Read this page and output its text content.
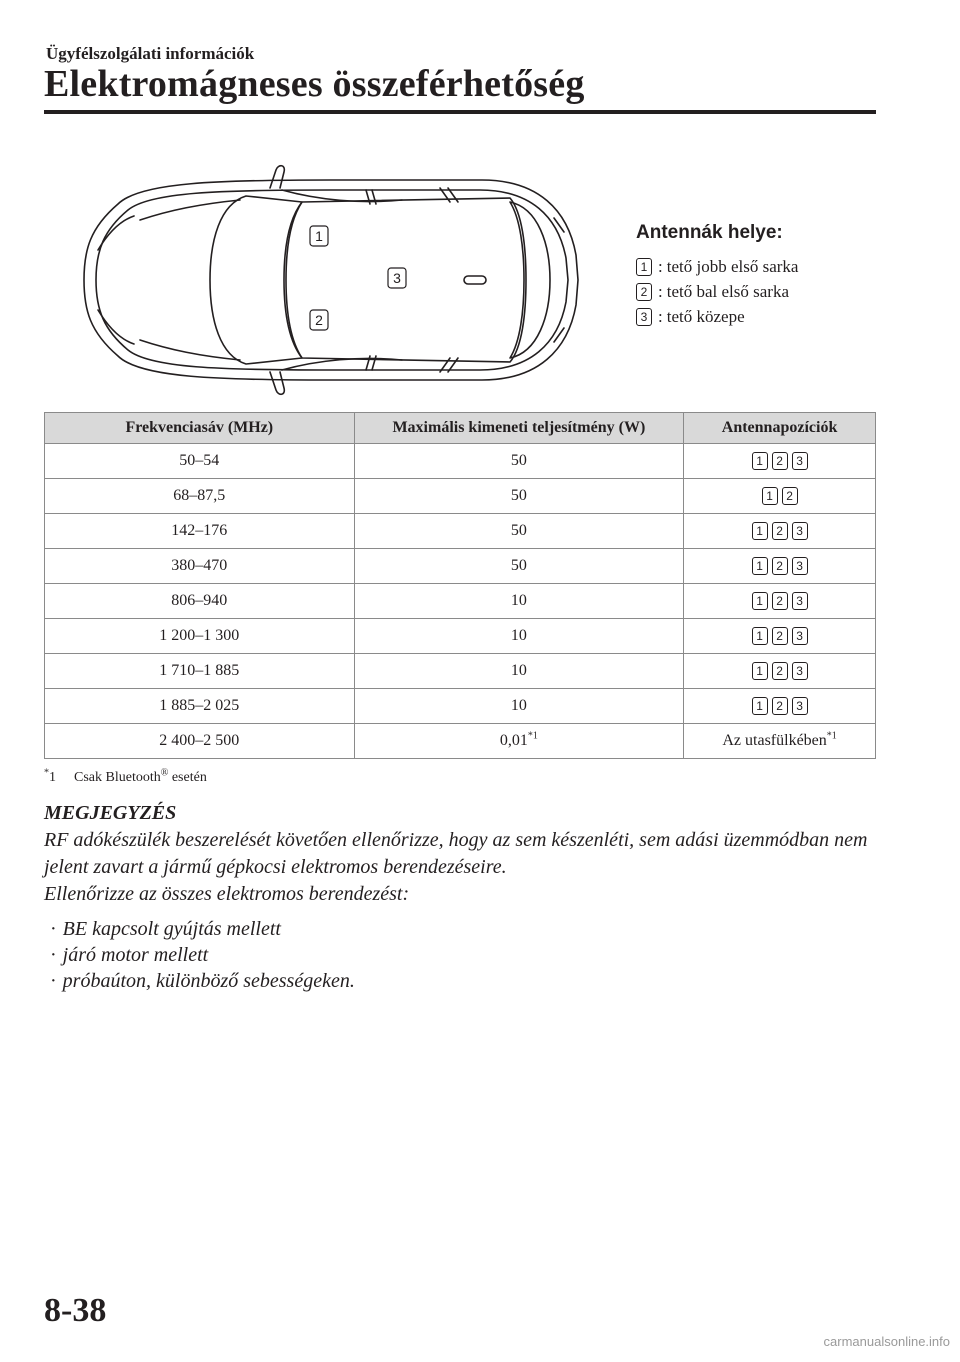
Ügyfélszolgálati információk
Elektromágneses összeférhetőség
1
2
3
Antennák helye:
1 : tető jobb első sarka
2 : tető bal első sarka
3 : tető közepe
Frekvenciasáv (MHz)	Maximális kimeneti teljesítmény (W)	Antennapozíciók
50–54	50	1 2 3
68–87,5	50	1 2
142–176	50	1 2 3
380–470	50	1 2 3
806–940	10	1 2 3
1 200–1 300	10	1 2 3
1 710–1 885	10	1 2 3
1 885–2 025	10	1 2 3
2 400–2 500	0,01$^{*1}$	Az utasfülkében$^{*1}$
*1 Csak Bluetooth® esetén
MEGJEGYZÉS

RF adókészülék beszerelését követően ellenőrizze, hogy az sem készenléti, sem adási üzemmódban nem jelent zavart a jármű gépkocsi elektromos berendezéseire.

Ellenőrizze az összes elektromos berendezést:

· BE kapcsolt gyújtás mellett
· járó motor mellett
· próbaúton, különböző sebességeken.
8-38
carmanualsonline.info
